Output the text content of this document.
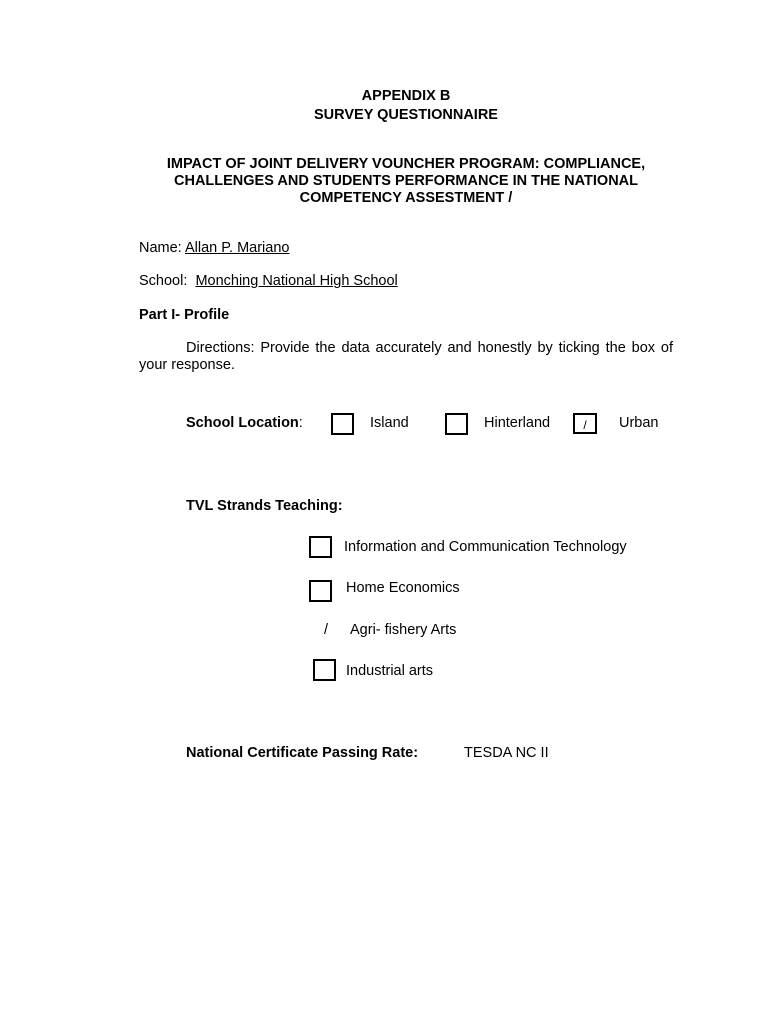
APPENDIX B
SURVEY QUESTIONNAIRE
IMPACT OF JOINT DELIVERY VOUNCHER PROGRAM: COMPLIANCE,
CHALLENGES AND STUDENTS PERFORMANCE IN THE NATIONAL
COMPETENCY ASSESTMENT /
Name: Allan P. Mariano
School: Monching National High School
Part I- Profile
Directions: Provide the data accurately and honestly by ticking the box of your response.
School Location:	Island	Hinterland	/	Urban
TVL Strands Teaching:
Information and Communication Technology
Home Economics
/ Agri- fishery Arts
Industrial arts
National Certificate Passing Rate:	TESDA NC II
